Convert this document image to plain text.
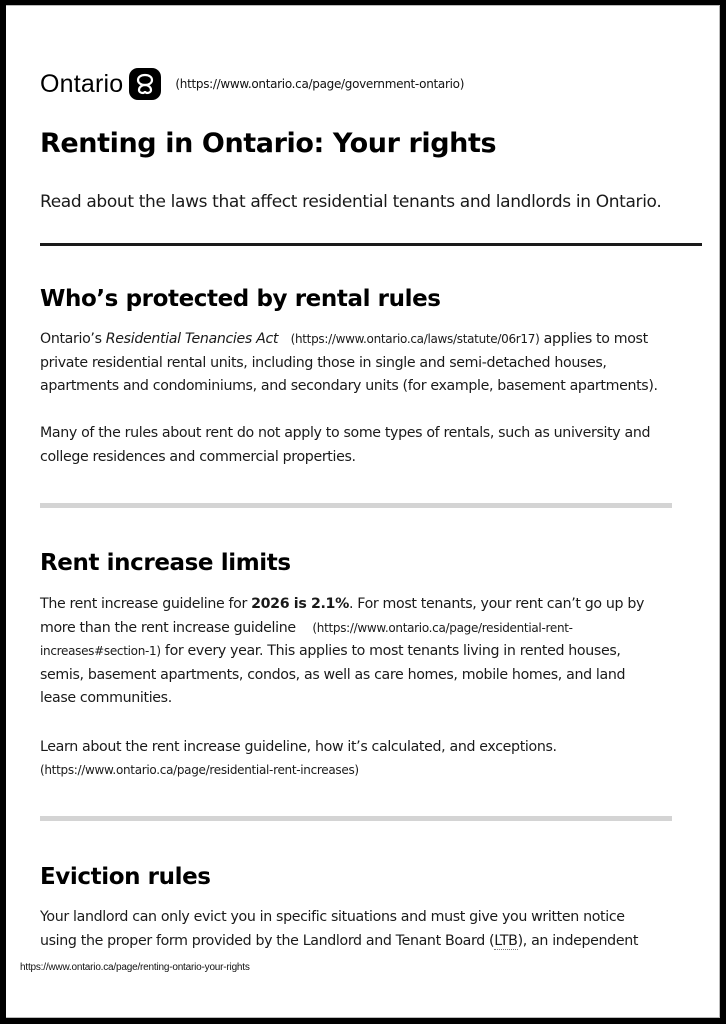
Ontario	(https://www.ontario.ca/page/government-ontario)
Renting in Ontario: Your rights

Read about the laws that affect residential tenants and landlords in Ontario.

Who’s protected by rental rules

Ontario’s Residential Tenancies Act (https://www.ontario.ca/laws/statute/06r17) applies to most
private residential rental units, including those in single and semi-detached houses,
apartments and condominiums, and secondary units (for example, basement apartments).

Many of the rules about rent do not apply to some types of rentals, such as university and
college residences and commercial properties.

Rent increase limits

The rent increase guideline for 2026 is 2.1%. For most tenants, your rent can’t go up by
more than the rent increase guideline (https://www.ontario.ca/page/residential-rent-
increases#section-1) for every year. This applies to most tenants living in rented houses,
semis, basement apartments, condos, as well as care homes, mobile homes, and land
lease communities.

Learn about the rent increase guideline, how it’s calculated, and exceptions.
(https://www.ontario.ca/page/residential-rent-increases)

Eviction rules

Your landlord can only evict you in specific situations and must give you written notice
using the proper form provided by the Landlord and Tenant Board (LTB), an independent

https://www.ontario.ca/page/renting-ontario-your-rights
